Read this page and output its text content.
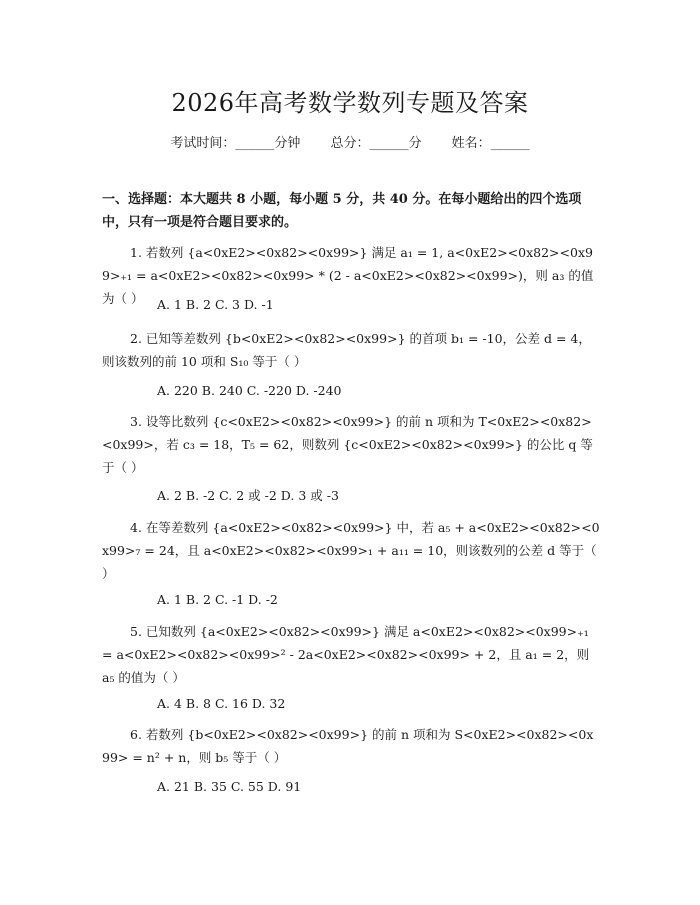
2026年高考数学数列专题及答案
考试时间：______分钟 总分：______分 姓名：______
一、选择题：本大题共 8 小题，每小题 5 分，共 40 分。在每小题给出的四个选项中，只有一项是符合题目要求的。
1. 若数列 {a<0xE2><0x82><0x99>} 满足 a₁ = 1, a<0xE2><0x82><0x99>₊₁ = a<0xE2><0x82><0x99> * (2 - a<0xE2><0x82><0x99>)，则 a₃ 的值为（ ）	A. 1 B. 2 C. 3 D. -1
2. 已知等差数列 {b<0xE2><0x82><0x99>} 的首项 b₁ = -10，公差 d = 4，则该数列的前 10 项和 S₁₀ 等于（ ）
A. 220 B. 240 C. -220 D. -240
3. 设等比数列 {c<0xE2><0x82><0x99>} 的前 n 项和为 T<0xE2><0x82><0x99>，若 c₃ = 18，T₅ = 62，则数列 {c<0xE2><0x82><0x99>} 的公比 q 等于（ ）
A. 2 B. -2 C. 2 或 -2 D. 3 或 -3
4. 在等差数列 {a<0xE2><0x82><0x99>} 中，若 a₅ + a<0xE2><0x82><0x99>₇ = 24，且 a<0xE2><0x82><0x99>₁ + a₁₁ = 10，则该数列的公差 d 等于（ ）
A. 1 B. 2 C. -1 D. -2
5. 已知数列 {a<0xE2><0x82><0x99>} 满足 a<0xE2><0x82><0x99>₊₁ = a<0xE2><0x82><0x99>² - 2a<0xE2><0x82><0x99> + 2，且 a₁ = 2，则 a₅ 的值为（ ）
A. 4 B. 8 C. 16 D. 32
6. 若数列 {b<0xE2><0x82><0x99>} 的前 n 项和为 S<0xE2><0x82><0x99> = n² + n，则 b₅ 等于（ ）
A. 21 B. 35 C. 55 D. 91
